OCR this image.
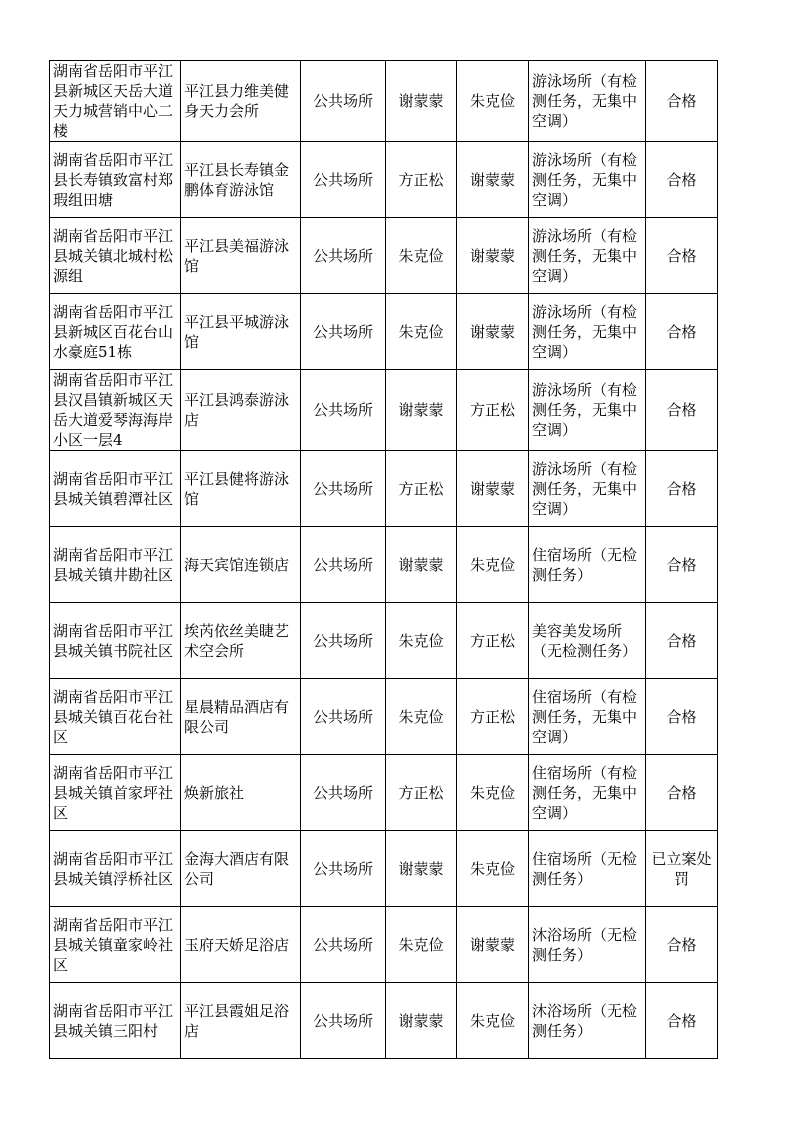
湖南省岳阳市平江县新城区天岳大道天力城营销中心二楼	平江县力维美健身天力会所	公共场所	谢蒙蒙	朱克俭	游泳场所（有检测任务，无集中空调）	合格
湖南省岳阳市平江县长寿镇致富村郑瑕组田塘	平江县长寿镇金鹏体育游泳馆	公共场所	方正松	谢蒙蒙	游泳场所（有检测任务，无集中空调）	合格
湖南省岳阳市平江县城关镇北城村松源组	平江县美福游泳馆	公共场所	朱克俭	谢蒙蒙	游泳场所（有检测任务，无集中空调）	合格
湖南省岳阳市平江县新城区百花台山水豪庭51栋	平江县平城游泳馆	公共场所	朱克俭	谢蒙蒙	游泳场所（有检测任务，无集中空调）	合格
湖南省岳阳市平江县汉昌镇新城区天岳大道爱琴海海岸小区一层4	平江县鸿泰游泳店	公共场所	谢蒙蒙	方正松	游泳场所（有检测任务，无集中空调）	合格
湖南省岳阳市平江县城关镇碧潭社区	平江县健将游泳馆	公共场所	方正松	谢蒙蒙	游泳场所（有检测任务，无集中空调）	合格
湖南省岳阳市平江县城关镇井勘社区	海天宾馆连锁店	公共场所	谢蒙蒙	朱克俭	住宿场所（无检测任务）	合格
湖南省岳阳市平江县城关镇书院社区	埃芮依丝美睫艺术空会所	公共场所	朱克俭	方正松	美容美发场所（无检测任务）	合格
湖南省岳阳市平江县城关镇百花台社区	星晨精品酒店有限公司	公共场所	朱克俭	方正松	住宿场所（有检测任务，无集中空调）	合格
湖南省岳阳市平江县城关镇首家坪社区	焕新旅社	公共场所	方正松	朱克俭	住宿场所（有检测任务，无集中空调）	合格
湖南省岳阳市平江县城关镇浮桥社区	金海大酒店有限公司	公共场所	谢蒙蒙	朱克俭	住宿场所（无检测任务）	已立案处罚
湖南省岳阳市平江县城关镇童家岭社区	玉府天娇足浴店	公共场所	朱克俭	谢蒙蒙	沐浴场所（无检测任务）	合格
湖南省岳阳市平江县城关镇三阳村	平江县霞姐足浴店	公共场所	谢蒙蒙	朱克俭	沐浴场所（无检测任务）	合格
